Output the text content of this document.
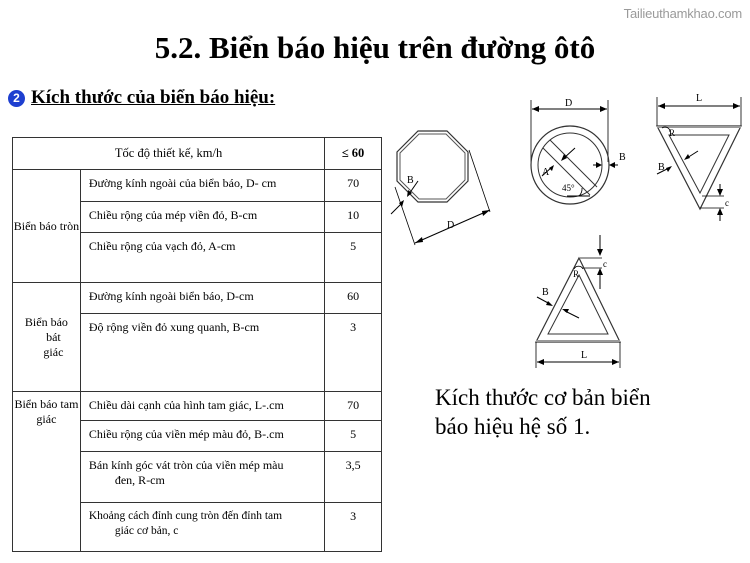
Tailieuthamkhao.com
5.2. Biển báo hiệu trên đường ôtô
2 Kích thước của biển báo hiệu:
Tốc độ thiết kế, km/h		≤ 60
Biển báo tròn	Đường kính ngoài của biển báo, D- cm	70
	Chiều rộng của mép viền đỏ, B-cm	10
	Chiều rộng của vạch đỏ, A-cm	5

Biển báo
bát
giác	Đường kính ngoài biển báo, D-cm	60
	Độ rộng viền đỏ xung quanh, B-cm	3
Biển báo tam giác	Chiều dài cạnh của hình tam giác, L-.cm	70
	Chiều rộng của viền mép màu đỏ, B-.cm	5
	Bán kính góc vát tròn của viền mép màu
đen, R-cm	3,5
	Khoảng cách đỉnh cung tròn đến đỉnh tam
giác cơ bản, c	3
B
D
D
A
B
45°
L
R
B
c
c
R
B
L
Kích thước cơ bản biển
báo hiệu hệ số 1.
